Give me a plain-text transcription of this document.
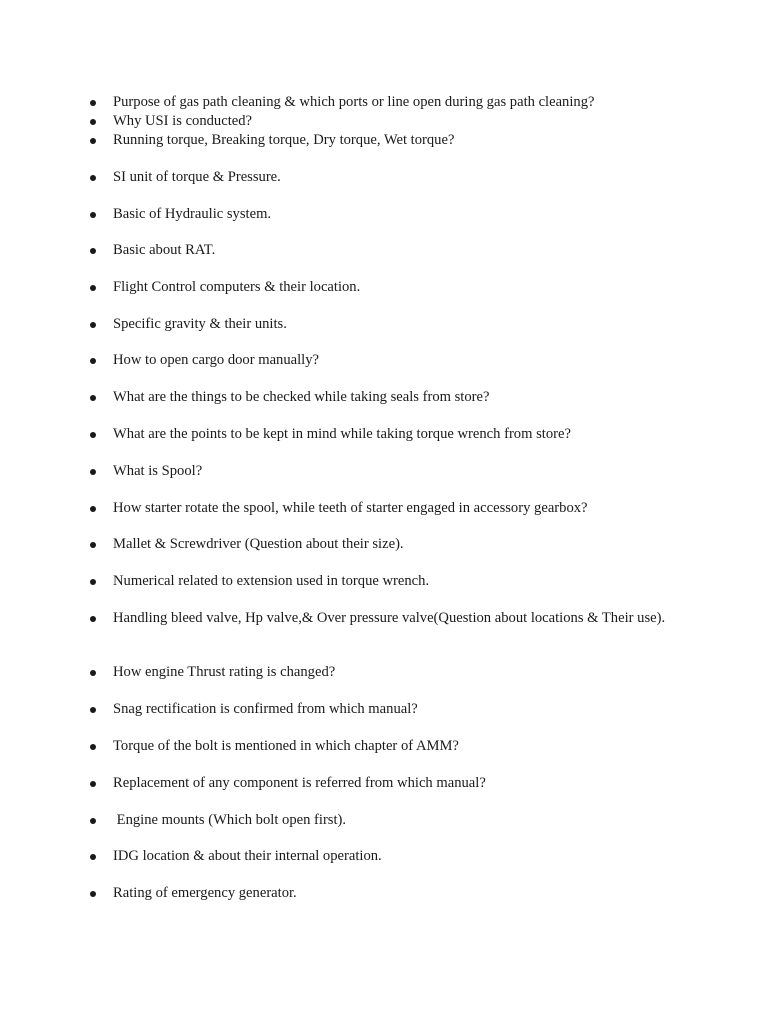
Purpose of gas path cleaning & which ports or line open during gas path cleaning?
Why USI is conducted?
Running torque, Breaking torque, Dry torque, Wet torque?
SI unit of torque & Pressure.
Basic of Hydraulic system.
Basic about RAT.
Flight Control computers & their location.
Specific gravity & their units.
How to open cargo door manually?
What are the things to be checked while taking seals from store?
What are the points to be kept in mind while taking torque wrench from store?
What is Spool?
How starter rotate the spool, while teeth of starter engaged in accessory gearbox?
Mallet & Screwdriver (Question about their size).
Numerical related to extension used in torque wrench.
Handling bleed valve, Hp valve,& Over pressure valve(Question about locations & Their use).
How engine Thrust rating is changed?
Snag rectification is confirmed from which manual?
Torque of the bolt is mentioned in which chapter of AMM?
Replacement of any component is referred from which manual?
Engine mounts (Which bolt open first).
IDG location & about their internal operation.
Rating of emergency generator.
